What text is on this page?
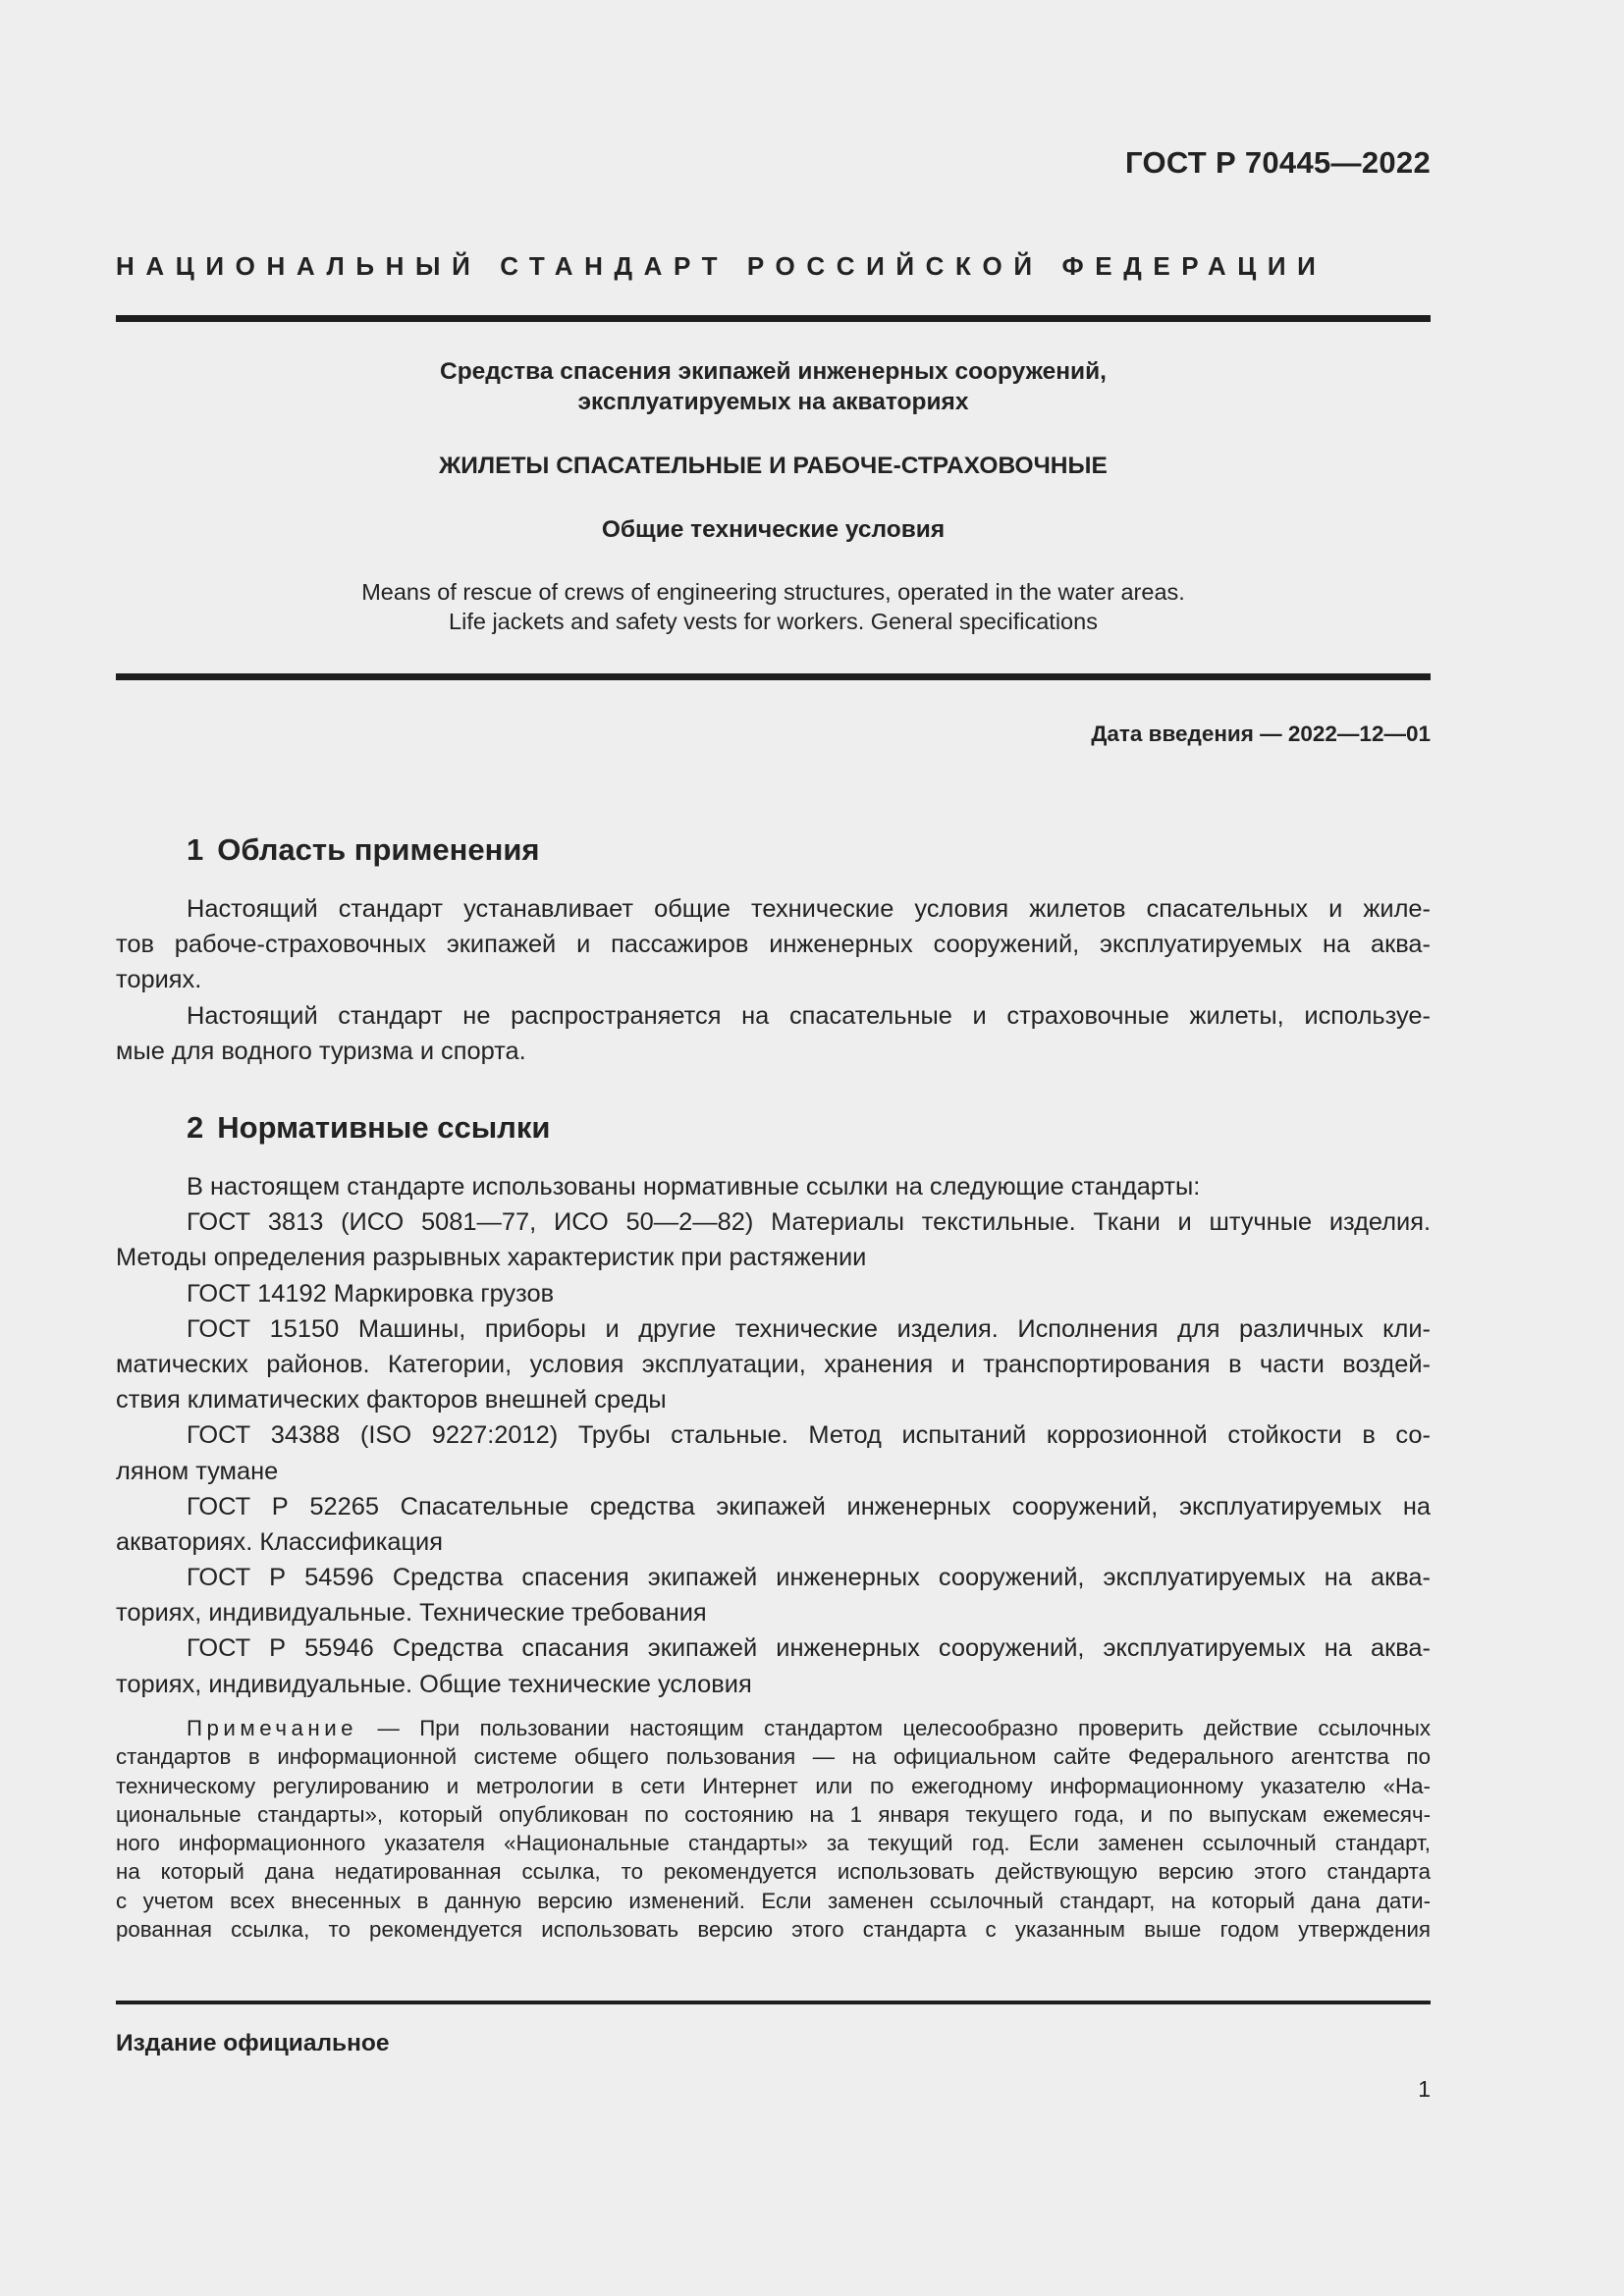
ГОСТ Р 70445—2022
НАЦИОНАЛЬНЫЙ СТАНДАРТ РОССИЙСКОЙ ФЕДЕРАЦИИ
Средства спасения экипажей инженерных сооружений,
эксплуатируемых на акваториях
ЖИЛЕТЫ СПАСАТЕЛЬНЫЕ И РАБОЧЕ-СТРАХОВОЧНЫЕ
Общие технические условия
Means of rescue of crews of engineering structures, operated in the water areas.
Life jackets and safety vests for workers. General specifications
Дата введения — 2022—12—01
1 Область применения
Настоящий стандарт устанавливает общие технические условия жилетов спасательных и жиле-
тов рабоче-страховочных экипажей и пассажиров инженерных сооружений, эксплуатируемых на аква-
ториях.
Настоящий стандарт не распространяется на спасательные и страховочные жилеты, используе-
мые для водного туризма и спорта.
2 Нормативные ссылки
В настоящем стандарте использованы нормативные ссылки на следующие стандарты:
ГОСТ 3813 (ИСО 5081—77, ИСО 50—2—82) Материалы текстильные. Ткани и штучные изделия.
Методы определения разрывных характеристик при растяжении
ГОСТ 14192 Маркировка грузов
ГОСТ 15150 Машины, приборы и другие технические изделия. Исполнения для различных кли-
матических районов. Категории, условия эксплуатации, хранения и транспортирования в части воздей-
ствия климатических факторов внешней среды
ГОСТ 34388 (ISO 9227:2012) Трубы стальные. Метод испытаний коррозионной стойкости в со-
ляном тумане
ГОСТ Р 52265 Спасательные средства экипажей инженерных сооружений, эксплуатируемых на
акваториях. Классификация
ГОСТ Р 54596 Средства спасения экипажей инженерных сооружений, эксплуатируемых на аква-
ториях, индивидуальные. Технические требования
ГОСТ Р 55946 Средства спасания экипажей инженерных сооружений, эксплуатируемых на аква-
ториях, индивидуальные. Общие технические условия
Примечание — При пользовании настоящим стандартом целесообразно проверить действие ссылочных
стандартов в информационной системе общего пользования — на официальном сайте Федерального агентства по
техническому регулированию и метрологии в сети Интернет или по ежегодному информационному указателю «На-
циональные стандарты», который опубликован по состоянию на 1 января текущего года, и по выпускам ежемесяч-
ного информационного указателя «Национальные стандарты» за текущий год. Если заменен ссылочный стандарт,
на который дана недатированная ссылка, то рекомендуется использовать действующую версию этого стандарта
с учетом всех внесенных в данную версию изменений. Если заменен ссылочный стандарт, на который дана дати-
рованная ссылка, то рекомендуется использовать версию этого стандарта с указанным выше годом утверждения
Издание официальное
1
